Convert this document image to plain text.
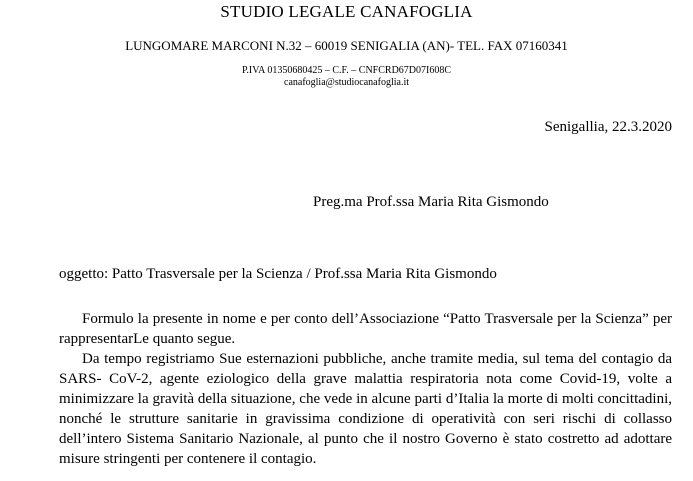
STUDIO LEGALE CANAFOGLIA
LUNGOMARE MARCONI N.32 – 60019 SENIGALIA (AN)- TEL. FAX 07160341
P.IVA 01350680425 – C.F. – CNFCRD67D07I608C
canafoglia@studiocanafoglia.it
Senigallia, 22.3.2020
Preg.ma Prof.ssa Maria Rita Gismondo
oggetto: Patto Trasversale per la Scienza / Prof.ssa Maria Rita Gismondo
Formulo la presente in nome e per conto dell’Associazione “Patto Trasversale per la Scienza” per rappresentarLe quanto segue.
Da tempo registriamo Sue esternazioni pubbliche, anche tramite media, sul tema del contagio da SARS- CoV-2, agente eziologico della grave malattia respiratoria nota come Covid-19, volte a minimizzare la gravità della situazione, che vede in alcune parti d’Italia la morte di molti concittadini, nonché le strutture sanitarie in gravissima condizione di operatività con seri rischi di collasso dell’intero Sistema Sanitario Nazionale, al punto che il nostro Governo è stato costretto ad adottare misure stringenti per contenere il contagio.
